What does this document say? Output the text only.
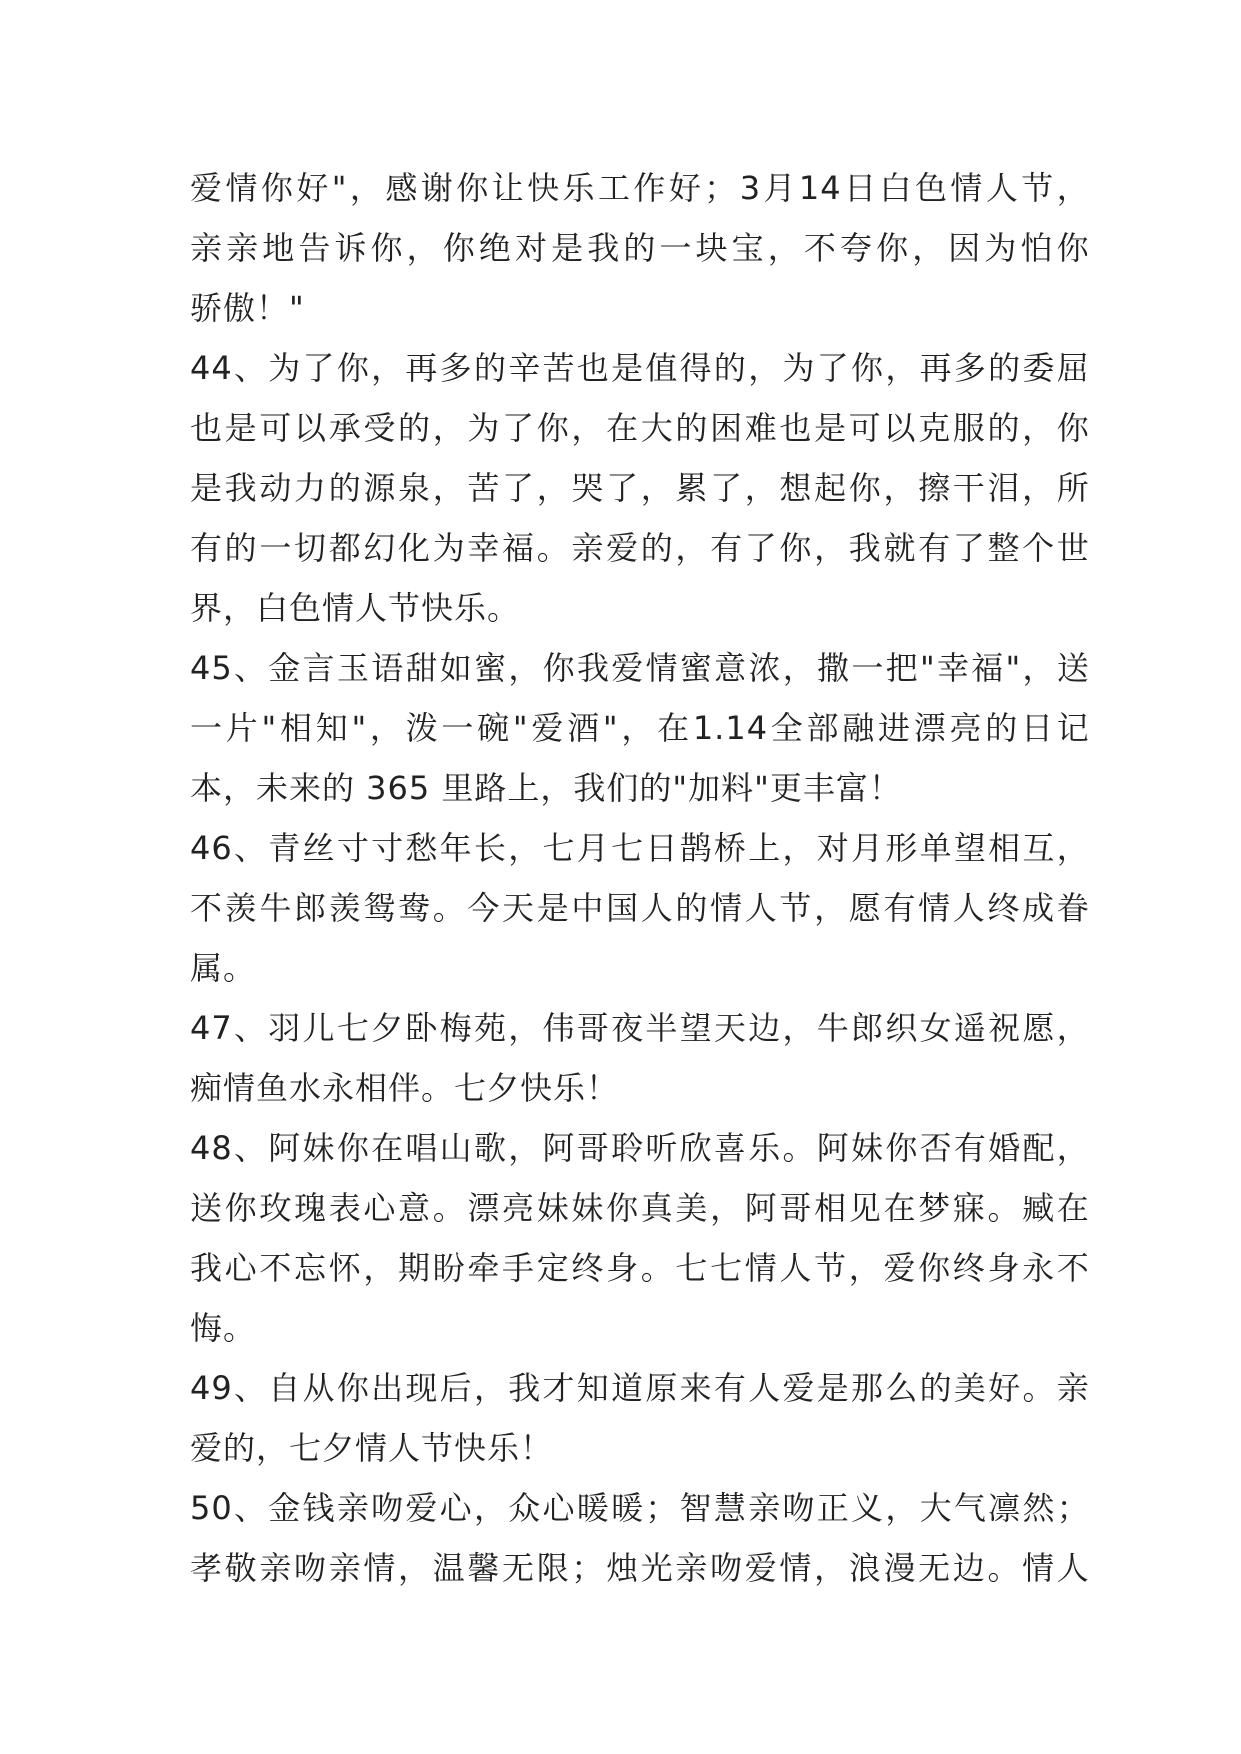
爱 情 你 好 " ， 感 谢 你 让 快 乐 工 作 好 ； 3 月 14 日 白 色 情 人 节 ，
亲 亲 地 告 诉 你 ， 你 绝 对 是 我 的 一 块 宝 ， 不 夸 你 ， 因 为 怕 你
骄傲！"
44 、 为 了 你 ， 再 多 的 辛 苦 也 是 值 得 的 ， 为 了 你 ， 再 多 的 委 屈
也 是 可 以 承 受 的 ， 为 了 你 ， 在 大 的 困 难 也 是 可 以 克 服 的 ， 你
是 我 动 力 的 源 泉 ， 苦 了 ， 哭 了 ， 累 了 ， 想 起 你 ， 擦 干 泪 ， 所
有 的 一 切 都 幻 化 为 幸 福 。 亲 爱 的 ， 有 了 你 ， 我 就 有 了 整 个 世
界，白色情人节快乐。
45 、 金 言 玉 语 甜 如 蜜 ， 你 我 爱 情 蜜 意 浓 ， 撒 一 把 " 幸 福 " ， 送
一 片 " 相 知 " ， 泼 一 碗 " 爱 酒 " ， 在 1.14 全 部 融 进 漂 亮 的 日 记
本，未来的 365 里路上，我们的"加料"更丰富！
46 、 青 丝 寸 寸 愁 年 长 ， 七 月 七 日 鹊 桥 上 ， 对 月 形 单 望 相 互 ，
不 羡 牛 郎 羡 鸳 鸯 。 今 天 是 中 国 人 的 情 人 节 ， 愿 有 情 人 终 成 眷
属。
47 、 羽 儿 七 夕 卧 梅 苑 ， 伟 哥 夜 半 望 天 边 ， 牛 郎 织 女 遥 祝 愿 ，
痴情鱼水永相伴。七夕快乐！
48 、 阿 妹 你 在 唱 山 歌 ， 阿 哥 聆 听 欣 喜 乐 。 阿 妹 你 否 有 婚 配 ，
送 你 玫 瑰 表 心 意 。 漂 亮 妹 妹 你 真 美 ， 阿 哥 相 见 在 梦 寐 。 臧 在
我 心 不 忘 怀 ， 期 盼 牵 手 定 终 身 。 七 七 情 人 节 ， 爱 你 终 身 永 不
悔。
49 、 自 从 你 出 现 后 ， 我 才 知 道 原 来 有 人 爱 是 那 么 的 美 好 。 亲
爱的，七夕情人节快乐！
50 、 金 钱 亲 吻 爱 心 ， 众 心 暖 暖 ； 智 慧 亲 吻 正 义 ， 大 气 凛 然 ；
孝 敬 亲 吻 亲 情 ， 温 馨 无 限 ； 烛 光 亲 吻 爱 情 ， 浪 漫 无 边 。 情 人
